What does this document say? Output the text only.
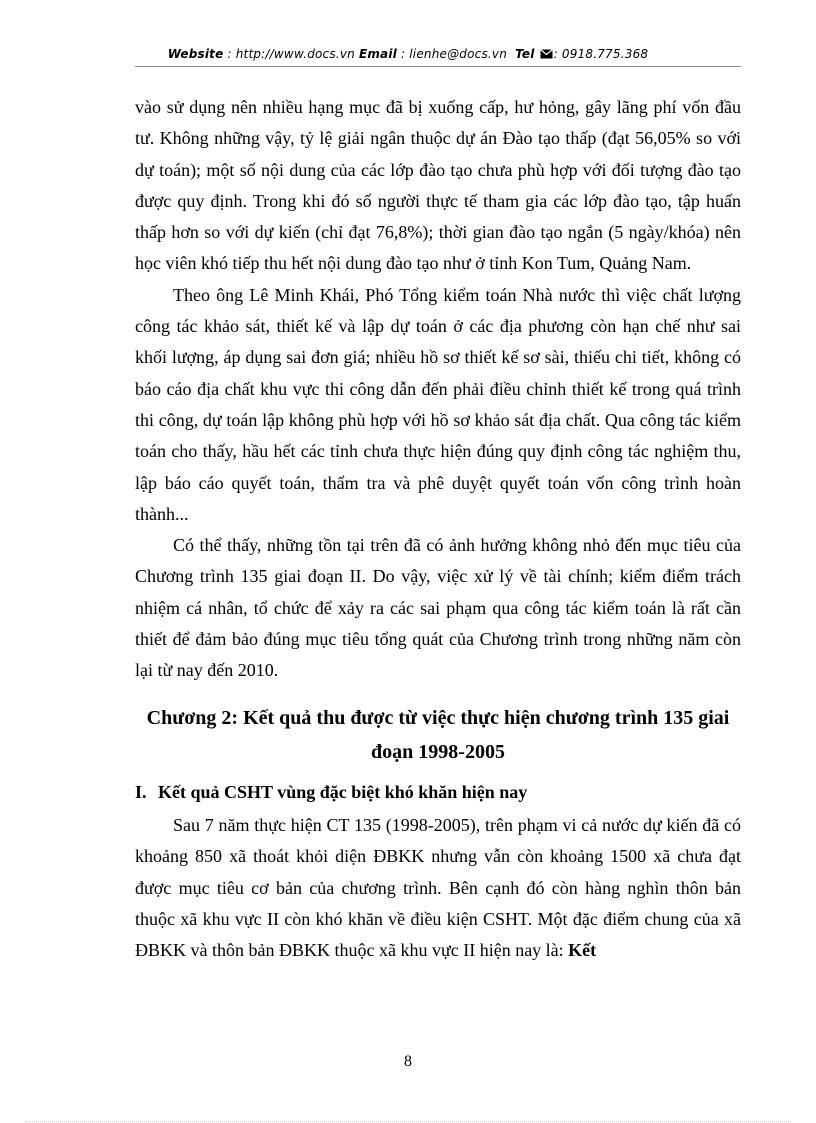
Website : http://www.docs.vn Email : lienhe@docs.vn Tel : 0918.775.368

vào sử dụng nên nhiều hạng mục đã bị xuống cấp, hư hỏng, gây lãng phí vốn đầu tư. Không những vậy, tỷ lệ giải ngân thuộc dự án Đào tạo thấp (đạt 56,05% so với dự toán); một số nội dung của các lớp đào tạo chưa phù hợp với đối tượng đào tạo được quy định. Trong khi đó số người thực tế tham gia các lớp đào tạo, tập huấn thấp hơn so với dự kiến (chỉ đạt 76,8%); thời gian đào tạo ngắn (5 ngày/khóa) nên học viên khó tiếp thu hết nội dung đào tạo như ở tỉnh Kon Tum, Quảng Nam.

Theo ông Lê Minh Khái, Phó Tổng kiểm toán Nhà nước thì việc chất lượng công tác khảo sát, thiết kế và lập dự toán ở các địa phương còn hạn chế như sai khối lượng, áp dụng sai đơn giá; nhiều hồ sơ thiết kế sơ sài, thiếu chi tiết, không có báo cáo địa chất khu vực thi công dẫn đến phải điều chỉnh thiết kế trong quá trình thi công, dự toán lập không phù hợp với hồ sơ khảo sát địa chất. Qua công tác kiểm toán cho thấy, hầu hết các tỉnh chưa thực hiện đúng quy định công tác nghiệm thu, lập báo cáo quyết toán, thẩm tra và phê duyệt quyết toán vốn công trình hoàn thành...

Có thể thấy, những tồn tại trên đã có ảnh hưởng không nhỏ đến mục tiêu của Chương trình 135 giai đoạn II. Do vậy, việc xử lý về tài chính; kiểm điểm trách nhiệm cá nhân, tổ chức để xảy ra các sai phạm qua công tác kiểm toán là rất cần thiết để đảm bảo đúng mục tiêu tổng quát của Chương trình trong những năm còn lại từ nay đến 2010.

Chương 2: Kết quả thu được từ việc thực hiện chương trình 135 giai đoạn 1998-2005

I. Kết quả CSHT vùng đặc biệt khó khăn hiện nay

Sau 7 năm thực hiện CT 135 (1998-2005), trên phạm vi cả nước dự kiến đã có khoảng 850 xã thoát khỏi diện ĐBKK nhưng vẫn còn khoảng 1500 xã chưa đạt được mục tiêu cơ bản của chương trình. Bên cạnh đó còn hàng nghìn thôn bản thuộc xã khu vực II còn khó khăn về điều kiện CSHT. Một đặc điểm chung của xã ĐBKK và thôn bản ĐBKK thuộc xã khu vực II hiện nay là: Kết

8
